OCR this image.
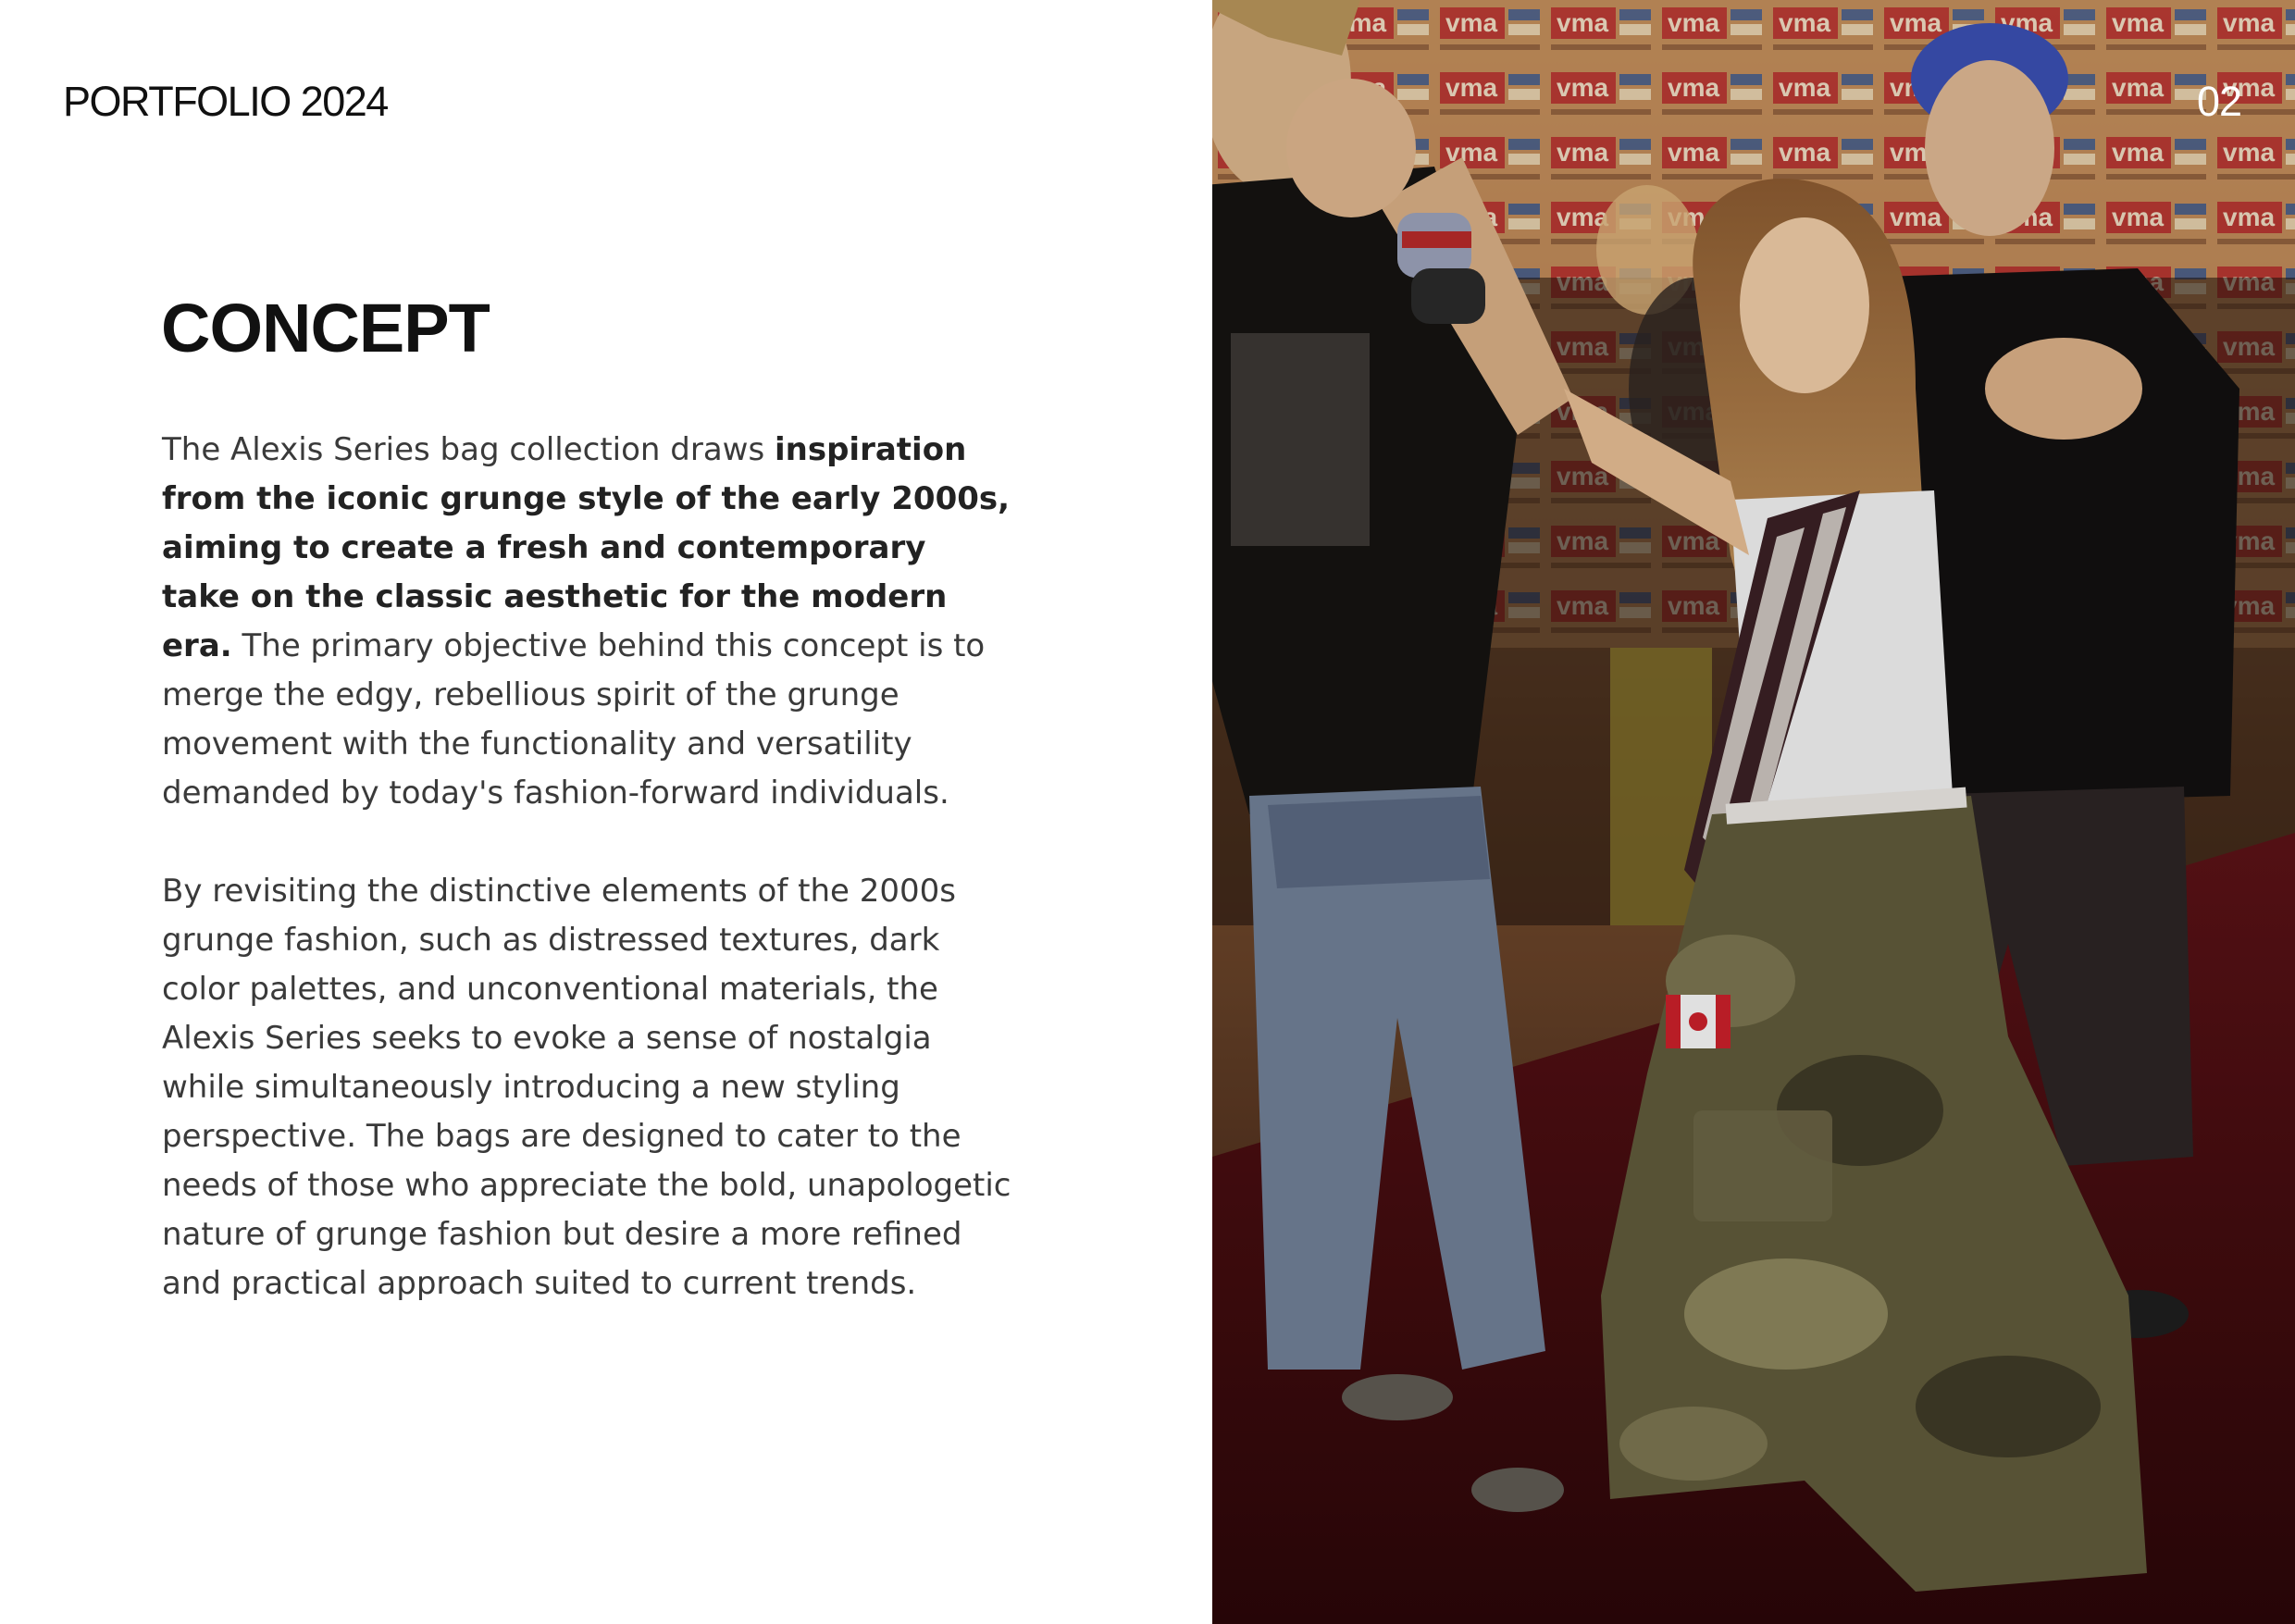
PORTFOLIO 2024
CONCEPT

The Alexis Series bag collection draws inspiration from the iconic grunge style of the early 2000s, aiming to create a fresh and contemporary take on the classic aesthetic for the modern era. The primary objective behind this concept is to merge the edgy, rebellious spirit of the grunge movement with the functionality and versatility demanded by today's fashion-forward individuals.

By revisiting the distinctive elements of the 2000s grunge fashion, such as distressed textures, dark color palettes, and unconventional materials, the Alexis Series seeks to evoke a sense of nostalgia while simultaneously introducing a new styling perspective. The bags are designed to cater to the needs of those who appreciate the bold, unapologetic nature of grunge fashion but desire a more refined and practical approach suited to current trends.

02
